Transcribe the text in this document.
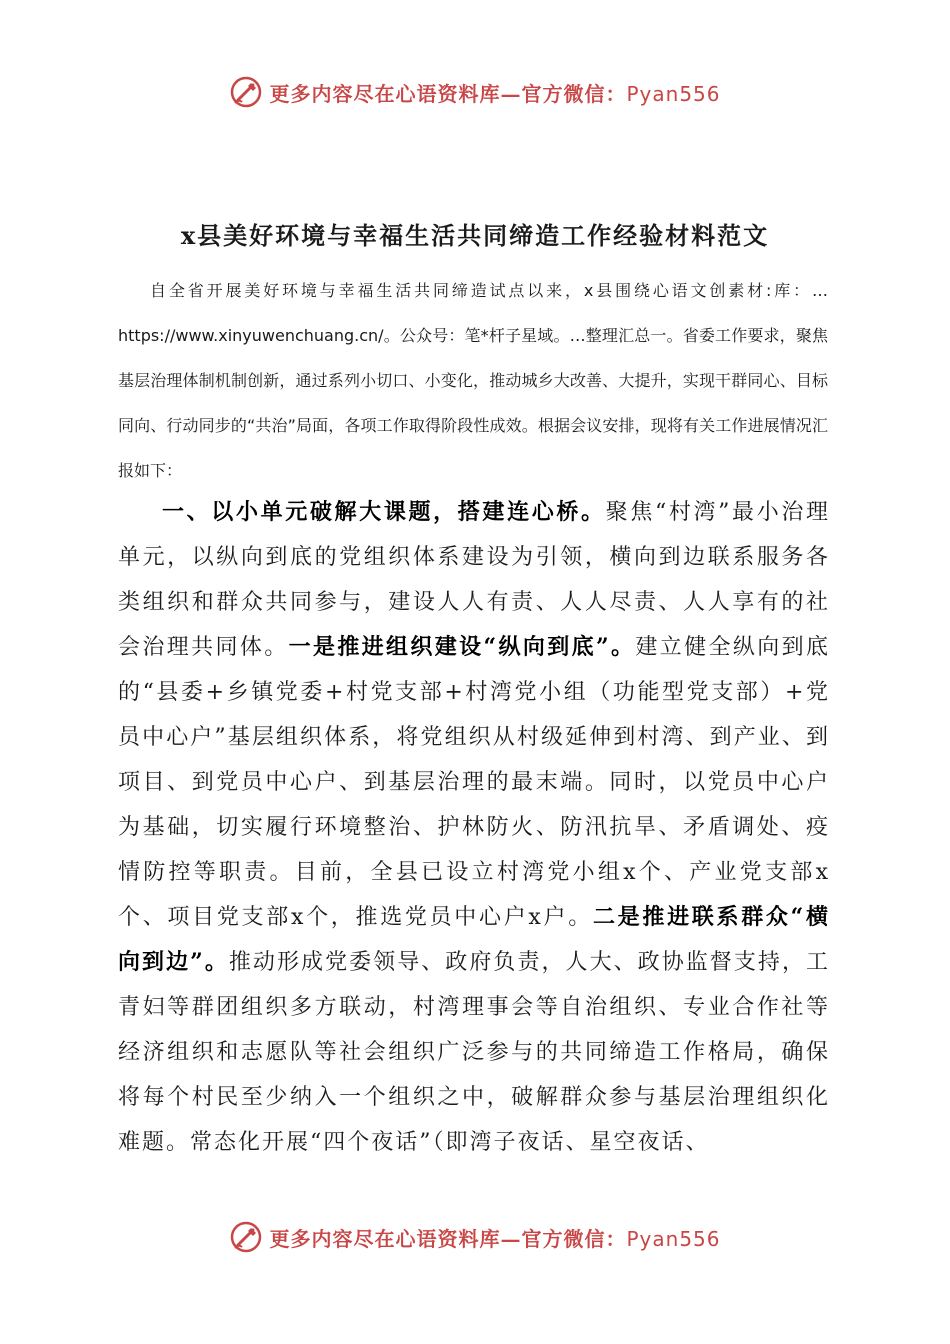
更多内容尽在心语资料库—官方微信：Pyan556
x县美好环境与幸福生活共同缔造工作经验材料范文

自全省开展美好环境与幸福生活共同缔造试点以来，x县围绕心语文创素材:库：…https://www.xinyuwenchuang.cn/。公众号：笔*杆子星域。…整理汇总一。省委工作要求，聚焦基层治理体制机制创新，通过系列小切口、小变化，推动城乡大改善、大提升，实现干群同心、目标同向、行动同步的“共治”局面，各项工作取得阶段性成效。根据会议安排，现将有关工作进展情况汇报如下：

一、以小单元破解大课题，搭建连心桥。聚焦“村湾”最小治理单元，以纵向到底的党组织体系建设为引领，横向到边联系服务各类组织和群众共同参与，建设人人有责、人人尽责、人人享有的社会治理共同体。一是推进组织建设“纵向到底”。建立健全纵向到底的“县委+乡镇党委+村党支部+村湾党小组（功能型党支部）+党员中心户”基层组织体系，将党组织从村级延伸到村湾、到产业、到项目、到党员中心户、到基层治理的最末端。同时，以党员中心户为基础，切实履行环境整治、护林防火、防汛抗旱、矛盾调处、疫情防控等职责。目前，全县已设立村湾党小组x个、产业党支部x个、项目党支部x个，推选党员中心户x户。二是推进联系群众“横向到边”。推动形成党委领导、政府负责，人大、政协监督支持，工青妇等群团组织多方联动，村湾理事会等自治组织、专业合作社等经济组织和志愿队等社会组织广泛参与的共同缔造工作格局，确保将每个村民至少纳入一个组织之中，破解群众参与基层治理组织化难题。常态化开展“四个夜话”（即湾子夜话、星空夜话、

更多内容尽在心语资料库—官方微信：Pyan556
